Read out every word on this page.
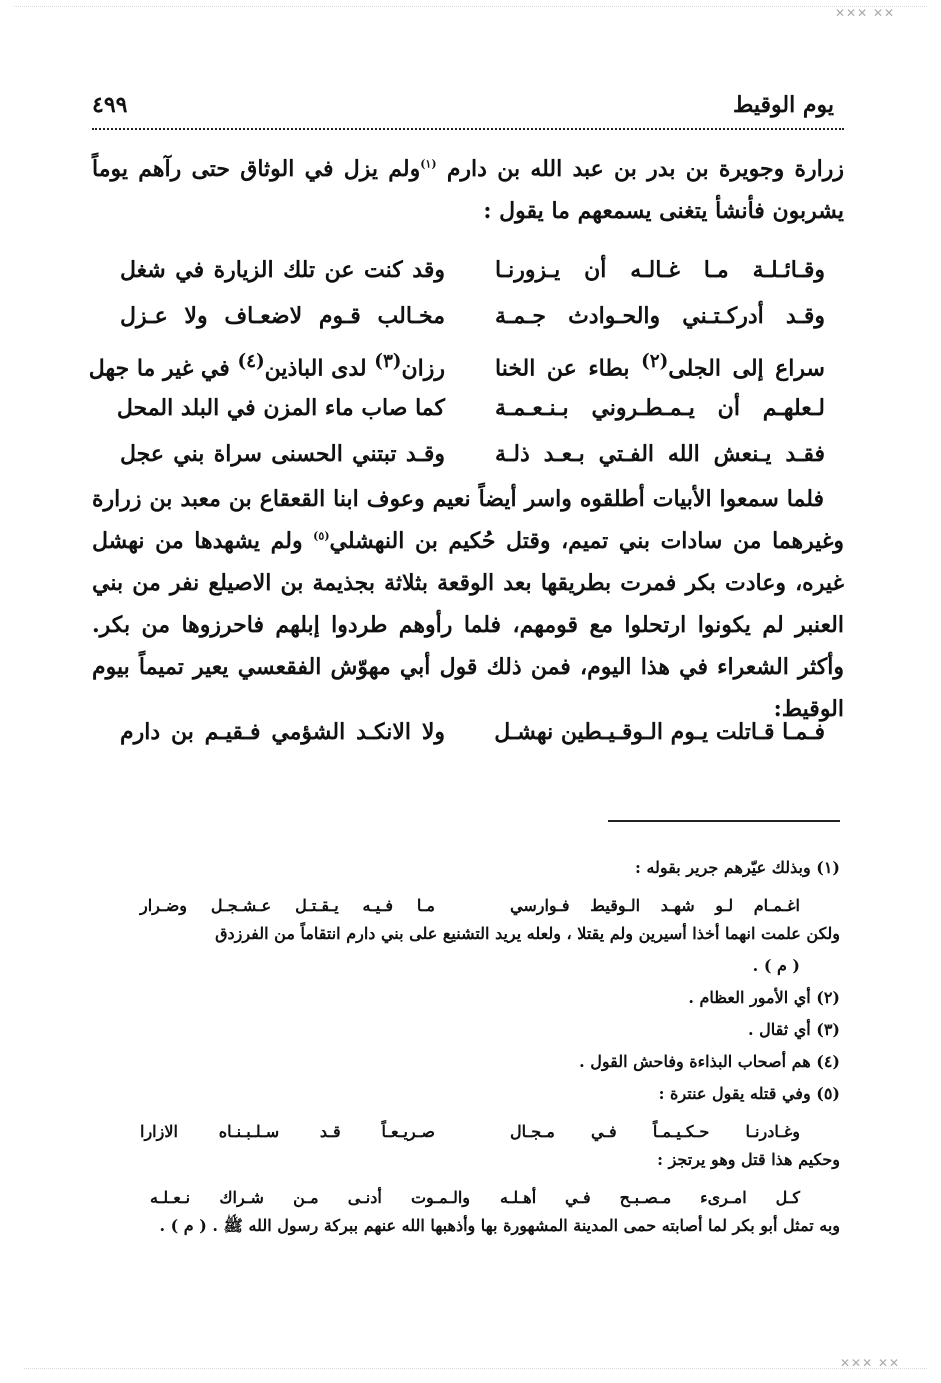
✕✕✕ ✕✕
✕✕✕ ✕✕
يوم الوقيط
٤٩٩
زرارة وجويرة بن بدر بن عبد الله بن دارم $^{(١)}$ولم يزل في الوثاق حتى رآهم يوماً يشربون فأنشأ يتغنى يسمعهم ما يقول :
وقـائـلـة مـا غـالـه أن يـزورنـا
وقد كنت عن تلك الزيارة في شغل
وقـد أدركـتـني والحـوادث جـمـة
مخـالب قـوم لاضعـاف ولا عـزل
سراع إلى الجلى$^{(٢)}$ بطاء عن الخنا
رزان$^{(٣)}$ لدى الباذين$^{(٤)}$ في غير ما جهل
لـعلهـم أن يـمـطـروني بـنـعـمـة
كما صاب ماء المزن في البلد المحل
فقـد يـنعش الله الفـتي بـعـد ذلـة
وقـد تبتني الحسنى سراة بني عجل
فلما سمعوا الأبيات أطلقوه واسر أيضاً نعيم وعوف ابنا القعقاع بن معبد بن زرارة وغيرهما من سادات بني تميم، وقتل حُكيم بن النهشلي$^{(٥)}$ ولم يشهدها من نهشل غيره، وعادت بكر فمرت بطريقها بعد الوقعة بثلاثة بجذيمة بن الاصيلع نفر من بني العنبر لم يكونوا ارتحلوا مع قومهم، فلما رأوهم طردوا إبلهم فاحرزوها من بكر. وأكثر الشعراء في هذا اليوم، فمن ذلك قول أبي مهوّش الفقعسي يعير تميماً بيوم الوقيط:
فـمـا قـاتلت يـوم الـوقـيـطين نهشـل
ولا الانكـد الشؤمي فـقيـم بن دارم
(١) وبذلك عيّرهم جرير بقوله :
اغـمـام لـو شهـد الـوقيط فـوارسي
مـا فـيـه يـقـتـل عـشـجـل وضـرار
ولكن علمت انهما أخذا أسيرين ولم يقتلا ، ولعله يريد التشنيع على بني دارم انتقاماً من الفرزدق
( م ) .
(٢) أي الأمور العظام .
(٣) أي ثقال .
(٤) هم أصحاب البذاءة وفاحش القول .
(٥) وفي قتله يقول عنترة :
وغـادرنـا حـكـيـمـاً فـي مـجـال
صـريـعـاً قـد سـلـبـنـاه الازارا
وحكيم هذا قتل وهو يرتجز :
كـل امـرىء مـصـبـح فـي أهـلـه
والـمـوت أدنـى مـن شـراك نـعـلـه
وبه تمثل أبو بكر لما أصابته حمى المدينة المشهورة بها وأذهبها الله عنهم ببركة رسول الله ﷺ . ( م ) .
